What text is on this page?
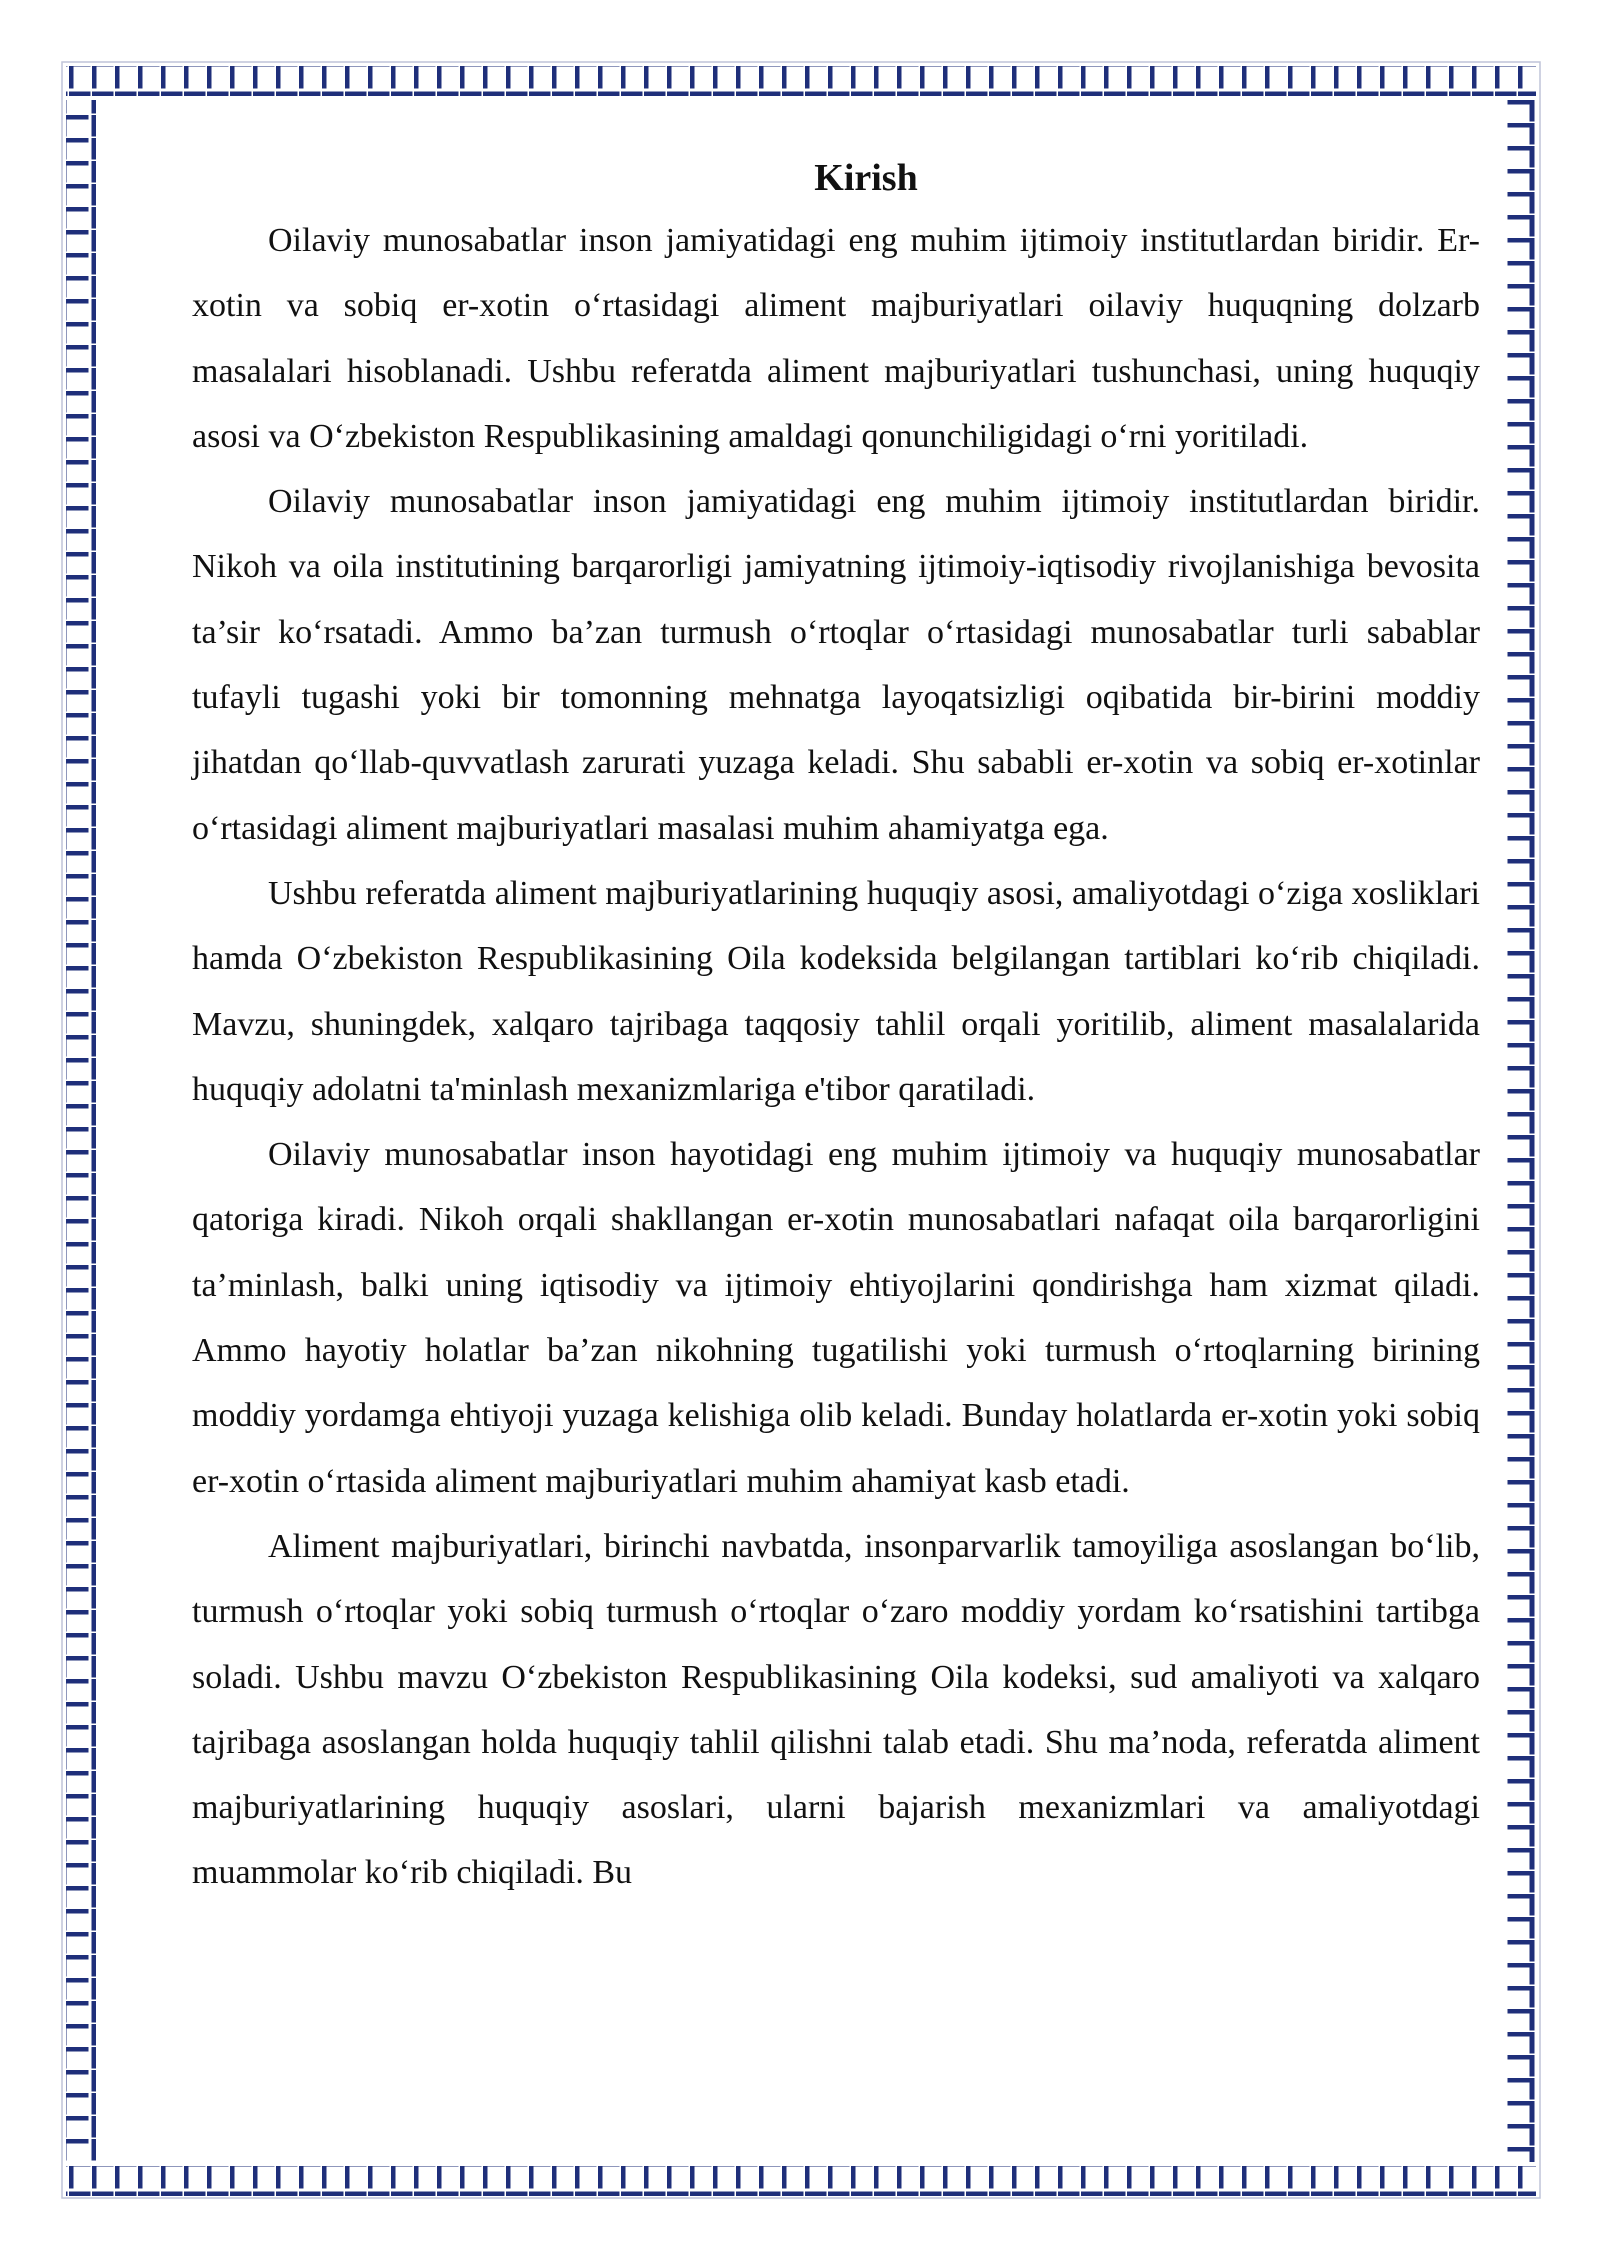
Kirish

Oilaviy munosabatlar inson jamiyatidagi eng muhim ijtimoiy institutlardan biridir. Er-xotin va sobiq er-xotin o‘rtasidagi aliment majburiyatlari oilaviy huquqning dolzarb masalalari hisoblanadi. Ushbu referatda aliment majburiyatlari tushunchasi, uning huquqiy asosi va O‘zbekiston Respublikasining amaldagi qonunchiligidagi o‘rni yoritiladi.

Oilaviy munosabatlar inson jamiyatidagi eng muhim ijtimoiy institutlardan biridir. Nikoh va oila institutining barqarorligi jamiyatning ijtimoiy-iqtisodiy rivojlanishiga bevosita ta’sir ko‘rsatadi. Ammo ba’zan turmush o‘rtoqlar o‘rtasidagi munosabatlar turli sabablar tufayli tugashi yoki bir tomonning mehnatga layoqatsizligi oqibatida bir-birini moddiy jihatdan qo‘llab-quvvatlash zarurati yuzaga keladi. Shu sababli er-xotin va sobiq er-xotinlar o‘rtasidagi aliment majburiyatlari masalasi muhim ahamiyatga ega.

Ushbu referatda aliment majburiyatlarining huquqiy asosi, amaliyotdagi o‘ziga xosliklari hamda O‘zbekiston Respublikasining Oila kodeksida belgilangan tartiblari ko‘rib chiqiladi. Mavzu, shuningdek, xalqaro tajribaga taqqosiy tahlil orqali yoritilib, aliment masalalarida huquqiy adolatni ta'minlash mexanizmlariga e'tibor qaratiladi.

Oilaviy munosabatlar inson hayotidagi eng muhim ijtimoiy va huquqiy munosabatlar qatoriga kiradi. Nikoh orqali shakllangan er-xotin munosabatlari nafaqat oila barqarorligini ta’minlash, balki uning iqtisodiy va ijtimoiy ehtiyojlarini qondirishga ham xizmat qiladi. Ammo hayotiy holatlar ba’zan nikohning tugatilishi yoki turmush o‘rtoqlarning birining moddiy yordamga ehtiyoji yuzaga kelishiga olib keladi. Bunday holatlarda er-xotin yoki sobiq er-xotin o‘rtasida aliment majburiyatlari muhim ahamiyat kasb etadi.

Aliment majburiyatlari, birinchi navbatda, insonparvarlik tamoyiliga asoslangan bo‘lib, turmush o‘rtoqlar yoki sobiq turmush o‘rtoqlar o‘zaro moddiy yordam ko‘rsatishini tartibga soladi. Ushbu mavzu O‘zbekiston Respublikasining Oila kodeksi, sud amaliyoti va xalqaro tajribaga asoslangan holda huquqiy tahlil qilishni talab etadi. Shu ma’noda, referatda aliment majburiyatlarining huquqiy asoslari, ularni bajarish mexanizmlari va amaliyotdagi muammolar ko‘rib chiqiladi. Bu
